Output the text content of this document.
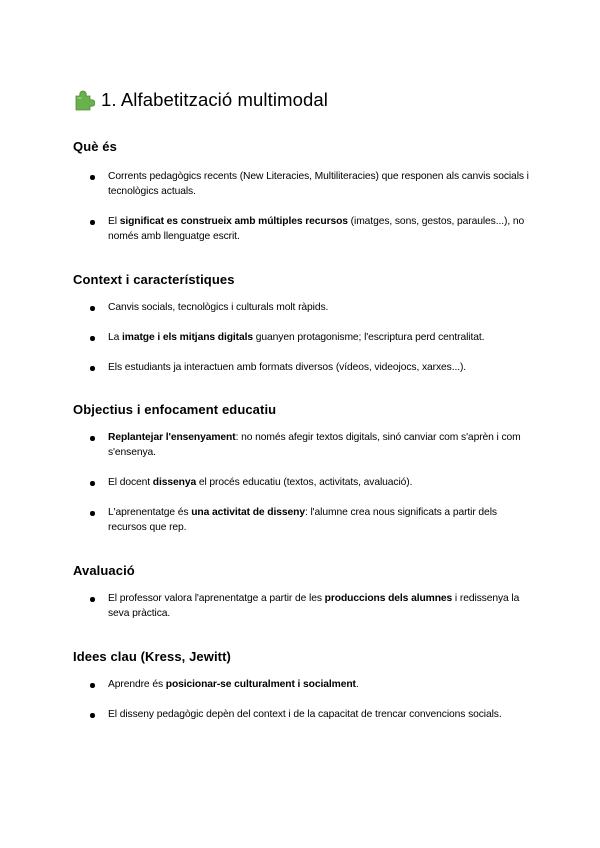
1. Alfabetització multimodal
Què és
Corrents pedagògics recents (New Literacies, Multiliteracies) que responen als canvis socials i tecnològics actuals.
El significat es construeix amb múltiples recursos (imatges, sons, gestos, paraules...), no només amb llenguatge escrit.
Context i característiques
Canvis socials, tecnològics i culturals molt ràpids.
La imatge i els mitjans digitals guanyen protagonisme; l'escriptura perd centralitat.
Els estudiants ja interactuen amb formats diversos (vídeos, videojocs, xarxes...).
Objectius i enfocament educatiu
Replantejar l'ensenyament: no només afegir textos digitals, sinó canviar com s'aprèn i com s'ensenya.
El docent dissenya el procés educatiu (textos, activitats, avaluació).
L'aprenentatge és una activitat de disseny: l'alumne crea nous significats a partir dels recursos que rep.
Avaluació
El professor valora l'aprenentatge a partir de les produccions dels alumnes i redissenya la seva pràctica.
Idees clau (Kress, Jewitt)
Aprendre és posicionar-se culturalment i socialment.
El disseny pedagògic depèn del context i de la capacitat de trencar convencions socials.
